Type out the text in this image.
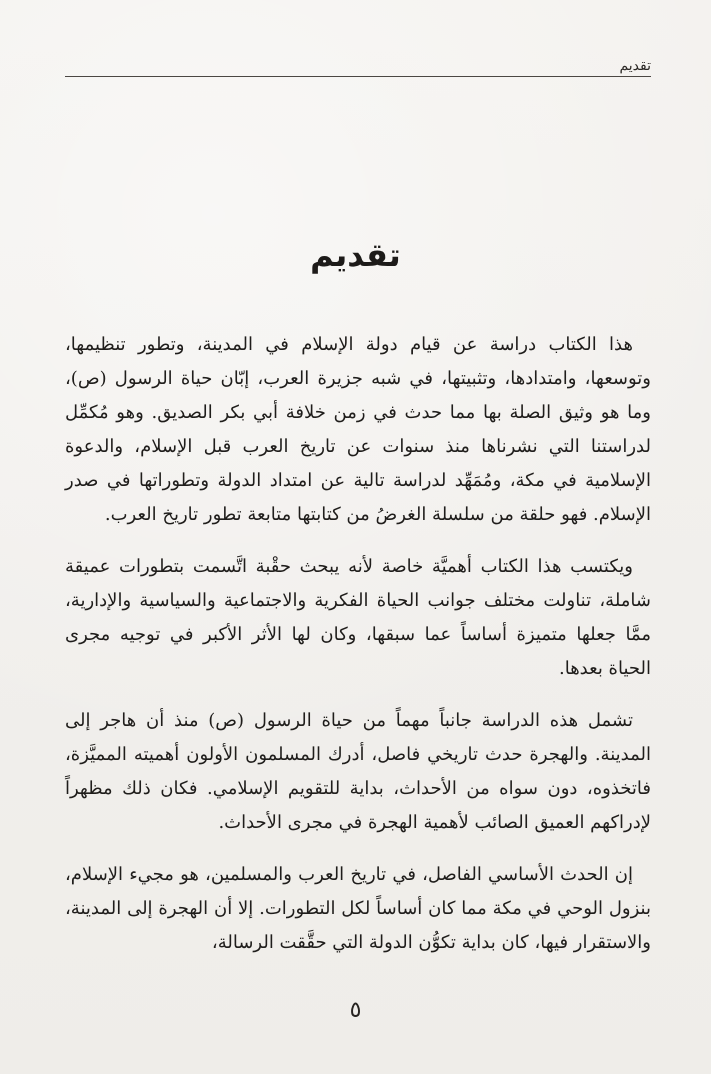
تقديم
تقديم

هذا الكتاب دراسة عن قيام دولة الإسلام في المدينة، وتطور تنظيمها، وتوسعها، وامتدادها، وتثبيتها، في شبه جزيرة العرب، إبّان حياة الرسول (ص)، وما هو وثيق الصلة بها مما حدث في زمن خلافة أبي بكر الصديق. وهو مُكمِّل لدراستنا التي نشرناها منذ سنوات عن تاريخ العرب قبل الإسلام، والدعوة الإسلامية في مكة، ومُمَهِّد لدراسة تالية عن امتداد الدولة وتطوراتها في صدر الإسلام. فهو حلقة من سلسلة الغرضُ من كتابتها متابعة تطور تاريخ العرب.

ويكتسب هذا الكتاب أهميَّة خاصة لأنه يبحث حقْبة اتَّسمت بتطورات عميقة شاملة، تناولت مختلف جوانب الحياة الفكرية والاجتماعية والسياسية والإدارية، ممَّا جعلها متميزة أساساً عما سبقها، وكان لها الأثر الأكبر في توجيه مجرى الحياة بعدها.

تشمل هذه الدراسة جانباً مهماً من حياة الرسول (ص) منذ أن هاجر إلى المدينة. والهجرة حدث تاريخي فاصل، أدرك المسلمون الأولون أهميته المميَّزة، فاتخذوه، دون سواه من الأحداث، بداية للتقويم الإسلامي. فكان ذلك مظهراً لإدراكهم العميق الصائب لأهمية الهجرة في مجرى الأحداث.

إن الحدث الأساسي الفاصل، في تاريخ العرب والمسلمين، هو مجيء الإسلام، بنزول الوحي في مكة مما كان أساساً لكل التطورات. إلا أن الهجرة إلى المدينة، والاستقرار فيها، كان بداية تكوُّن الدولة التي حقَّقت الرسالة،

٥
